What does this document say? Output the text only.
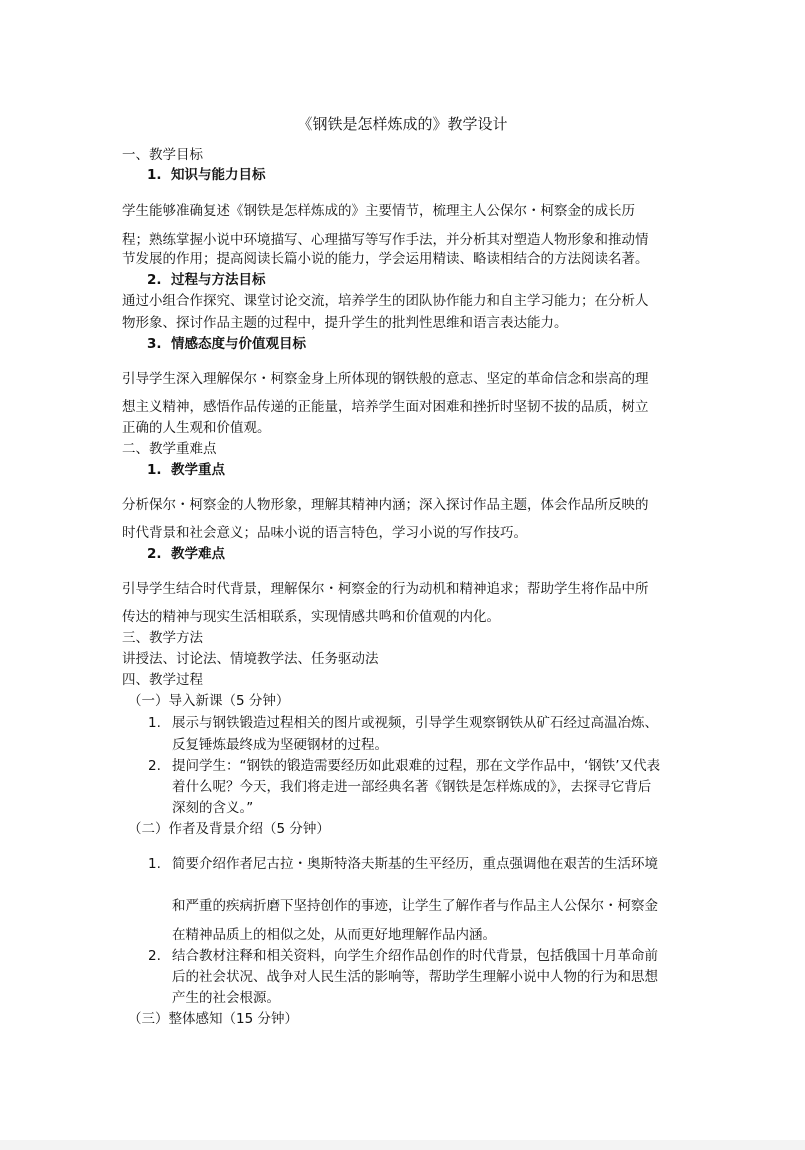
《钢铁是怎样炼成的》教学设计
一、教学目标
1. 知识与能力目标
学生能够准确复述《钢铁是怎样炼成的》主要情节，梳理主人公保尔・柯察金的成长历
程；熟练掌握小说中环境描写、心理描写等写作手法，并分析其对塑造人物形象和推动情
节发展的作用；提高阅读长篇小说的能力，学会运用精读、略读相结合的方法阅读名著。
2. 过程与方法目标
通过小组合作探究、课堂讨论交流，培养学生的团队协作能力和自主学习能力；在分析人
物形象、探讨作品主题的过程中，提升学生的批判性思维和语言表达能力。
3. 情感态度与价值观目标
引导学生深入理解保尔・柯察金身上所体现的钢铁般的意志、坚定的革命信念和崇高的理
想主义精神，感悟作品传递的正能量，培养学生面对困难和挫折时坚韧不拔的品质，树立
正确的人生观和价值观。
二、教学重难点
1. 教学重点
分析保尔・柯察金的人物形象，理解其精神内涵；深入探讨作品主题，体会作品所反映的
时代背景和社会意义；品味小说的语言特色，学习小说的写作技巧。
2. 教学难点
引导学生结合时代背景，理解保尔・柯察金的行为动机和精神追求；帮助学生将作品中所
传达的精神与现实生活相联系，实现情感共鸣和价值观的内化。
三、教学方法
讲授法、讨论法、情境教学法、任务驱动法
四、教学过程
（一）导入新课（5 分钟）
1. 展示与钢铁锻造过程相关的图片或视频，引导学生观察钢铁从矿石经过高温冶炼、
反复锤炼最终成为坚硬钢材的过程。
2. 提问学生：“钢铁的锻造需要经历如此艰难的过程，那在文学作品中，‘钢铁’又代表
着什么呢？今天，我们将走进一部经典名著《钢铁是怎样炼成的》，去探寻它背后
深刻的含义。”
（二）作者及背景介绍（5 分钟）
1. 简要介绍作者尼古拉・奥斯特洛夫斯基的生平经历，重点强调他在艰苦的生活环境
和严重的疾病折磨下坚持创作的事迹，让学生了解作者与作品主人公保尔・柯察金
在精神品质上的相似之处，从而更好地理解作品内涵。
2. 结合教材注释和相关资料，向学生介绍作品创作的时代背景，包括俄国十月革命前
后的社会状况、战争对人民生活的影响等，帮助学生理解小说中人物的行为和思想
产生的社会根源。
（三）整体感知（15 分钟）
